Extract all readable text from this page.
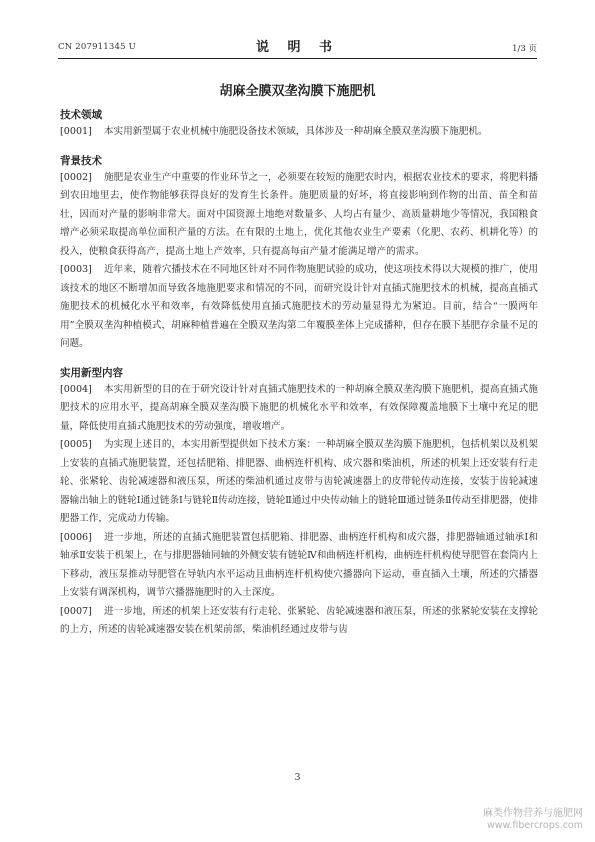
CN 207911345 U	说 明 书	1/3 页
胡麻全膜双垄沟膜下施肥机
技术领域
[0001] 本实用新型属于农业机械中施肥设备技术领域，具体涉及一种胡麻全膜双垄沟膜下施肥机。
背景技术
[0002] 施肥是农业生产中重要的作业环节之一，必须要在较短的施肥农时内，根据农业技术的要求，将肥料播到农田地里去，使作物能够获得良好的发育生长条件。施肥质量的好坏，将直接影响到作物的出苗、苗全和苗壮，因而对产量的影响非常大。面对中国资源土地绝对数量多、人均占有量少、高质量耕地少等情况，我国粮食增产必须采取提高单位面积产量的方法。在有限的土地上，优化其他农业生产要素（化肥、农药、机耕化等）的投入，使粮食获得高产，提高土地上产效率，只有提高每亩产量才能满足增产的需求。
[0003] 近年来，随着穴播技术在不同地区针对不同作物施肥试验的成功，使这项技术得以大规模的推广，使用该技术的地区不断增加而导致各地施肥要求和情况的不同，而研究设计针对直插式施肥技术的机械，提高直插式施肥技术的机械化水平和效率，有效降低使用直插式施肥技术的劳动量显得尤为紧迫。目前，结合“一膜两年用”全膜双垄沟种植模式，胡麻种植普遍在全膜双垄沟第二年覆膜垄体上完成播种，但存在膜下基肥存余量不足的问题。
实用新型内容
[0004] 本实用新型的目的在于研究设计针对直插式施肥技术的一种胡麻全膜双垄沟膜下施肥机，提高直插式施肥技术的应用水平，提高胡麻全膜双垄沟膜下施肥的机械化水平和效率，有效保障覆盖地膜下土壤中充足的肥量，降低使用直插式施肥技术的劳动强度，增收增产。
[0005] 为实现上述目的，本实用新型提供如下技术方案：一种胡麻全膜双垄沟膜下施肥机，包括机架以及机架上安装的直插式施肥装置，还包括肥箱、排肥器、曲柄连杆机构、成穴器和柴油机，所述的机架上还安装有行走轮、张紧轮、齿轮减速器和液压泵，所述的柴油机通过皮带与齿轮减速器上的皮带轮传动连接，安装于齿轮减速器输出轴上的链轮Ⅰ通过链条Ⅰ与链轮Ⅱ传动连接，链轮Ⅱ通过中央传动轴上的链轮Ⅲ通过链条Ⅱ传动至排肥器，使排肥器工作，完成动力传输。
[0006] 进一步地，所述的直插式施肥装置包括肥箱、排肥器、曲柄连杆机构和成穴器，排肥器轴通过轴承Ⅰ和轴承Ⅱ安装于机架上，在与排肥器轴同轴的外侧安装有链轮Ⅳ和曲柄连杆机构，曲柄连杆机构使导肥管在套筒内上下移动，液压泵推动导肥管在导轨内水平运动且曲柄连杆机构使穴播器向下运动，垂直插入土壤，所述的穴播器上安装有调深机构，调节穴播器施肥时的入土深度。
[0007] 进一步地，所述的机架上还安装有行走轮、张紧轮、齿轮减速器和液压泵，所述的张紧轮安装在支撑轮的上方，所述的齿轮减速器安装在机架前部，柴油机经通过皮带与齿
3
麻类作物营养与施肥网
www.fibercrops.com
